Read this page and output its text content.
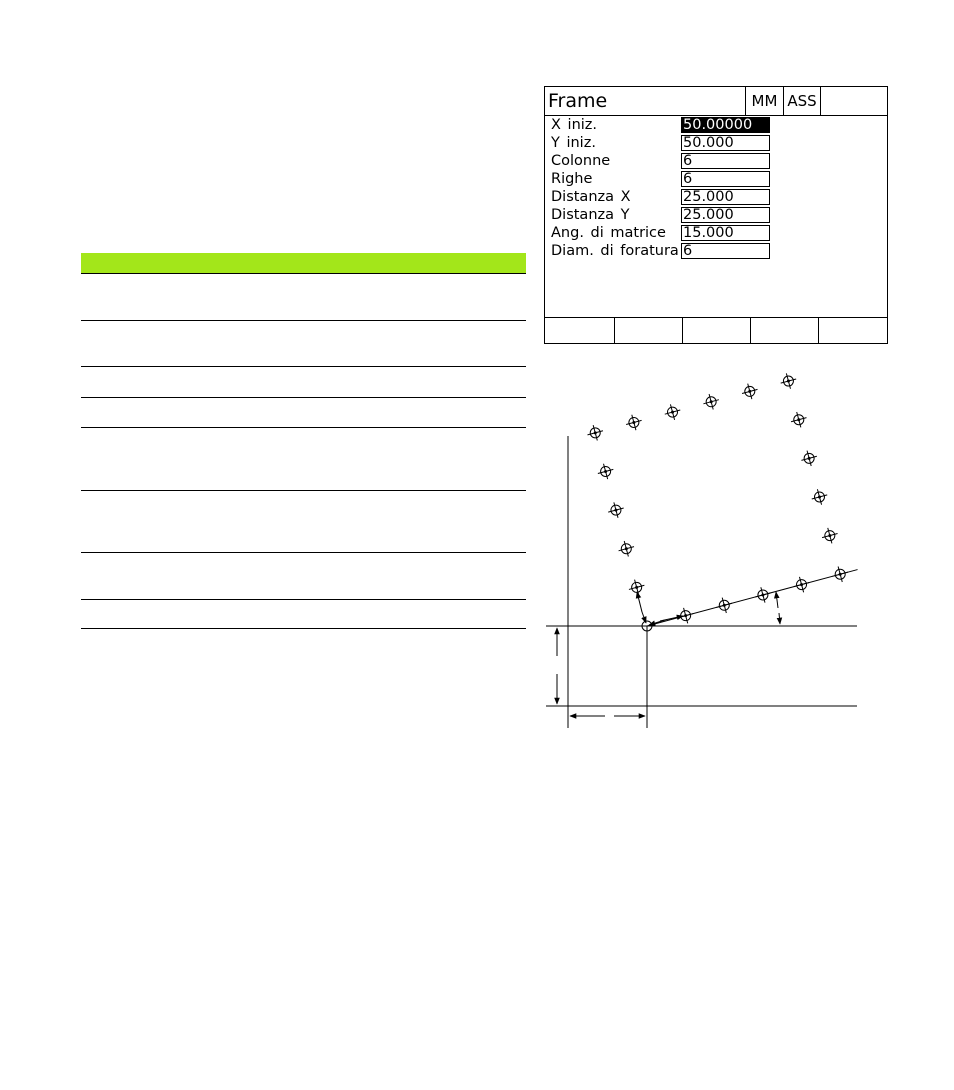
Frame	MM ASS
X iniz.	50.00000
Y iniz.	50.000
Colonne	6
Righe	6
Distanza X	25.000
Distanza Y	25.000
Ang. di matrice 15.000
Diam. di foratura 6
